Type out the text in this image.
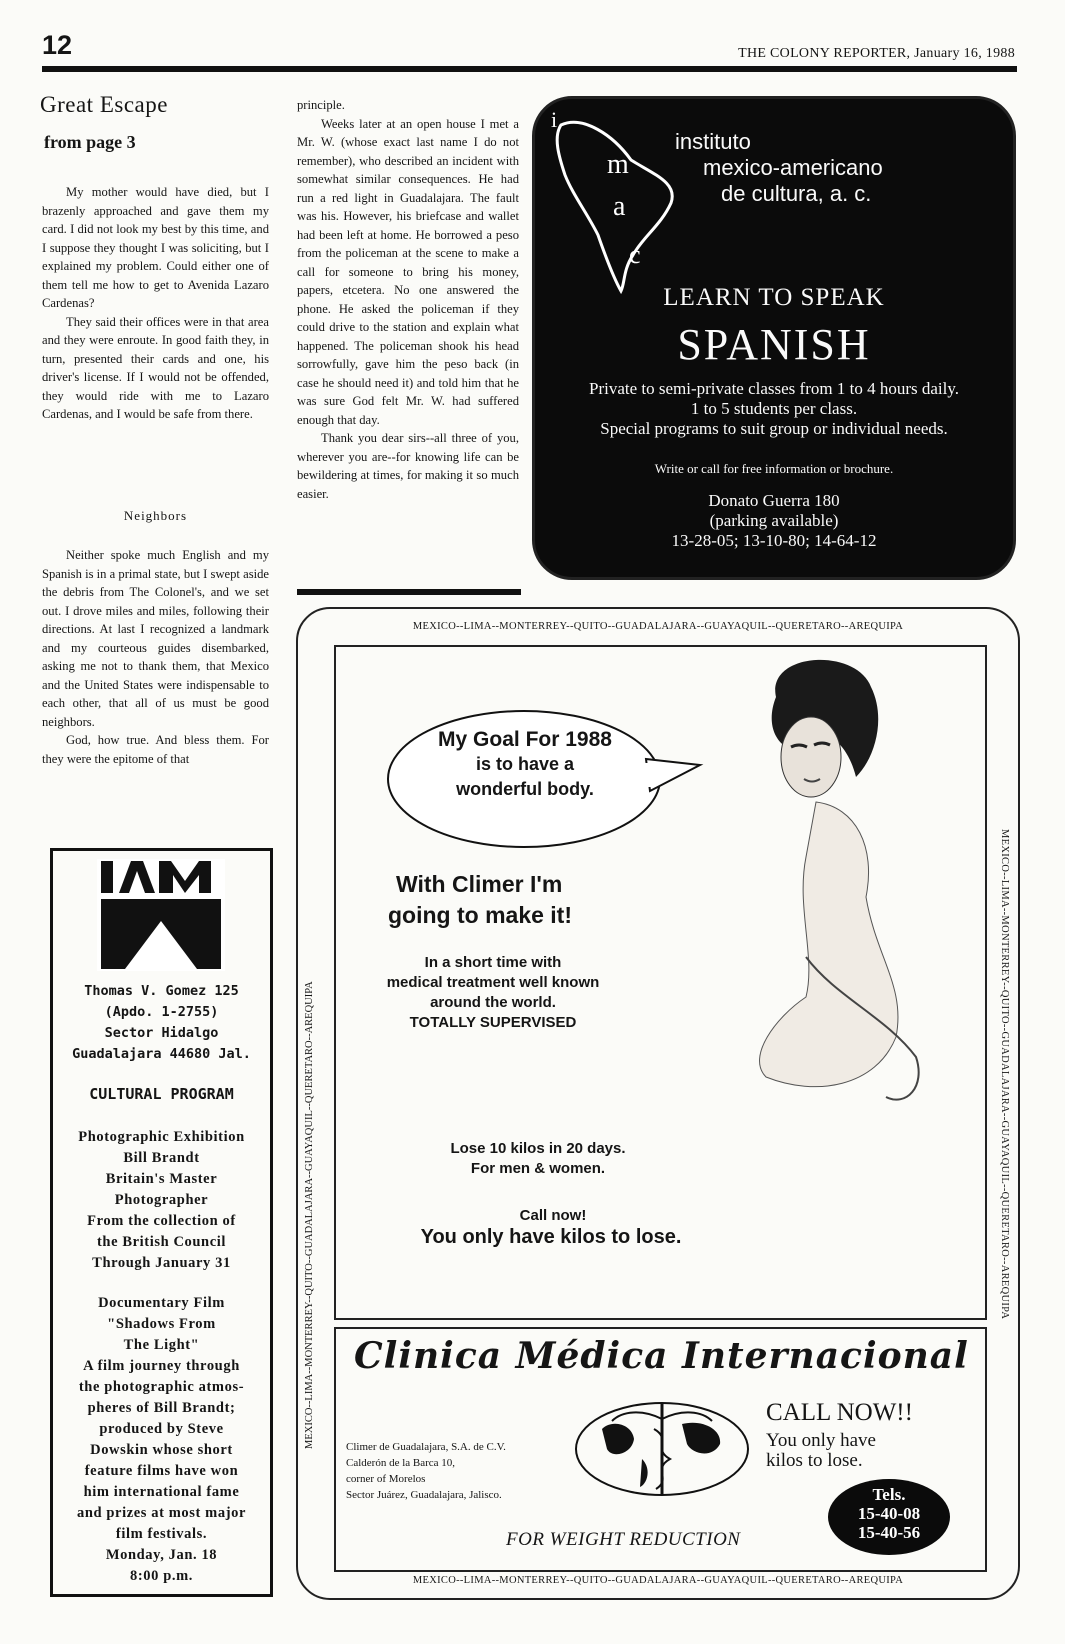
12	THE COLONY REPORTER, January 16, 1988
Great Escape
from page 3

My mother would have died, but I brazenly approached and gave them my card. I did not look my best by this time, and I suppose they thought I was soliciting, but I explained my problem. Could either one of them tell me how to get to Avenida Lazaro Cardenas?

They said their offices were in that area and they were enroute. In good faith they, in turn, presented their cards and one, his driver's license. If I would not be offended, they would ride with me to Lazaro Cardenas, and I would be safe from there.

Neighbors

Neither spoke much English and my Spanish is in a primal state, but I swept aside the debris from The Colonel's, and we set out. I drove miles and miles, following their directions. At last I recognized a landmark and my courteous guides disembarked, asking me not to thank them, that Mexico and the United States were indispensable to each other, that all of us must be good neighbors.

God, how true. And bless them. For they were the epitome of that

principle.

Weeks later at an open house I met a Mr. W. (whose exact last name I do not remember), who described an incident with somewhat similar consequences. He had run a red light in Guadalajara. The fault was his. However, his briefcase and wallet had been left at home. He borrowed a peso from the policeman at the scene to make a call for someone to bring his money, papers, etcetera. No one answered the phone. He asked the policeman if they could drive to the station and explain what happened. The policeman shook his head sorrowfully, gave him the peso back (in case he should need it) and told him that he was sure God felt Mr. W. had suffered enough that day.

Thank you dear sirs--all three of you, wherever you are--for knowing life can be bewildering at times, for making it so much easier.

i
m
a
c
instituto
mexico-americano
de cultura, a. c.
LEARN TO SPEAK
SPANISH
Private to semi-private classes from 1 to 4 hours daily.
1 to 5 students per class.
Special programs to suit group or individual needs.
Write or call for free information or brochure.
Donato Guerra 180
(parking available)
13-28-05; 13-10-80; 14-64-12
IAM
Thomas V. Gomez 125
(Apdo. 1-2755)
Sector Hidalgo
Guadalajara 44680 Jal.
CULTURAL PROGRAM
Photographic Exhibition
Bill Brandt
Britain's Master
Photographer
From the collection of
the British Council
Through January 31
Documentary Film
"Shadows From
The Light"
A film journey through
the photographic atmos-
pheres of Bill Brandt;
produced by Steve
Dowskin whose short
feature films have won
him international fame
and prizes at most major
film festivals.
Monday, Jan. 18
8:00 p.m.
MEXICO--LIMA--MONTERREY--QUITO--GUADALAJARA--GUAYAQUIL--QUERETARO--AREQUIPA
MEXICO--LIMA--MONTERREY--QUITO--GUADALAJARA--GUAYAQUIL--QUERETARO--AREQUIPA
MEXICO--LIMA--MONTERREY--QUITO--GUADALAJARA--GUAYAQUIL--QUERETARO--AREQUIPA	MEXICO--LIMA--MONTERREY--QUITO--GUADALAJARA--GUAYAQUIL--QUERETARO--AREQUIPA
My Goal For 1988
is to have a
wonderful body.
With Climer I'm
going to make it!
In a short time with
medical treatment well known
around the world.
TOTALLY SUPERVISED
Lose 10 kilos in 20 days.
For men & women.
Call now!
You only have kilos to lose.
Clinica Médica Internacional
Climer de Guadalajara, S.A. de C.V.
Calderón de la Barca 10,
corner of Morelos
Sector Juárez, Guadalajara, Jalisco.
CALL NOW!!
You only have
kilos to lose.
Tels.
15-40-08
15-40-56
FOR WEIGHT REDUCTION
